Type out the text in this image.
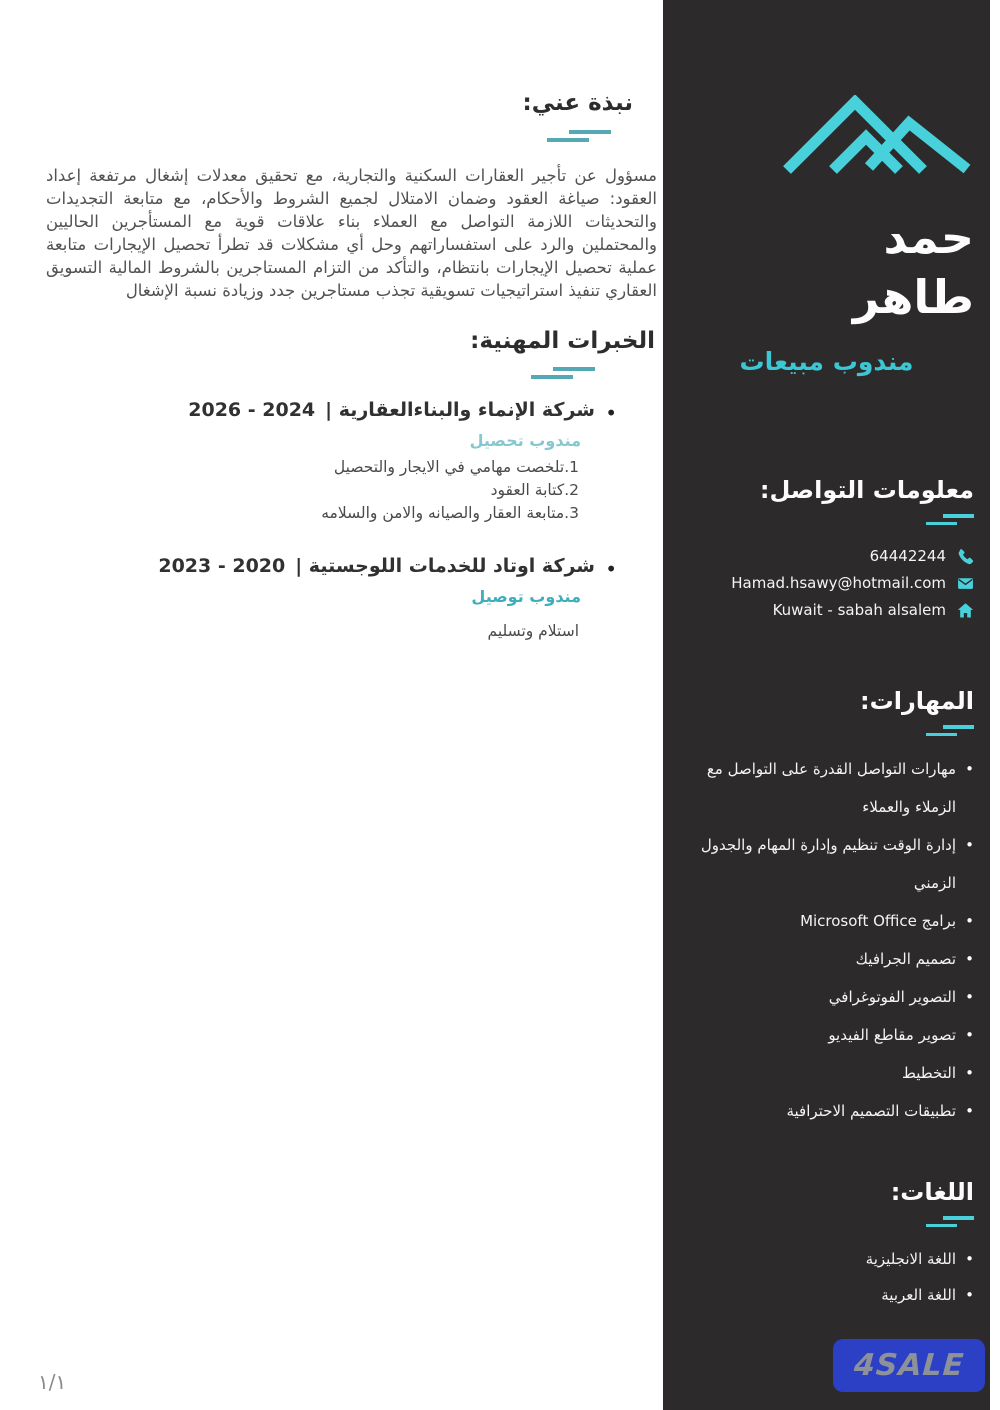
نبذة عني:

مسؤول عن تأجير العقارات السكنية والتجارية، مع تحقيق معدلات إشغال مرتفعة إعداد العقود: صياغة العقود وضمان الامتلال لجميع الشروط والأحكام، مع متابعة التجديدات والتحديثات اللازمة التواصل مع العملاء بناء علاقات قوية مع المستأجرين الحاليين والمحتملين والرد على استفساراتهم وحل أي مشكلات قد تطرأ تحصيل الإيجارات متابعة عملية تحصيل الإيجارات بانتظام، والتأكد من التزام المستاجرين بالشروط المالية التسويق العقاري تنفيذ استراتيجيات تسويقية تجذب مستاجرين جدد وزيادة نسبة الإشغال

الخبرات المهنية:
•
شركة الإنماء والبناءالعقارية |2024 - 2026
مندوب تحصيل
1.تلخصت مهامي في الايجار والتحصيل
2.كتابة العقود
3.متابعة العقار والصيانه والامن والسلامه
•
شركة اوتاد للخدمات اللوجستية |2020 - 2023
مندوب توصيل
استلام وتسليم
١/١
حمد
طاهر
مندوب مبيعات
معلومات التواصل:
64442244
Hamad.hsawy@hotmail.com
Kuwait - sabah alsalem
المهارات:
• مهارات التواصل القدرة على التواصل مع الزملاء والعملاء
• إدارة الوقت تنظيم وإدارة المهام والجدول الزمني
• برامج Microsoft Office
• تصميم الجرافيك
• التصوير الفوتوغرافي
• تصوير مقاطع الفيديو
• التخطيط
• تطبيقات التصميم الاحترافية
اللغات:
• اللغة الانجليزية
• اللغة العربية
4SALE
